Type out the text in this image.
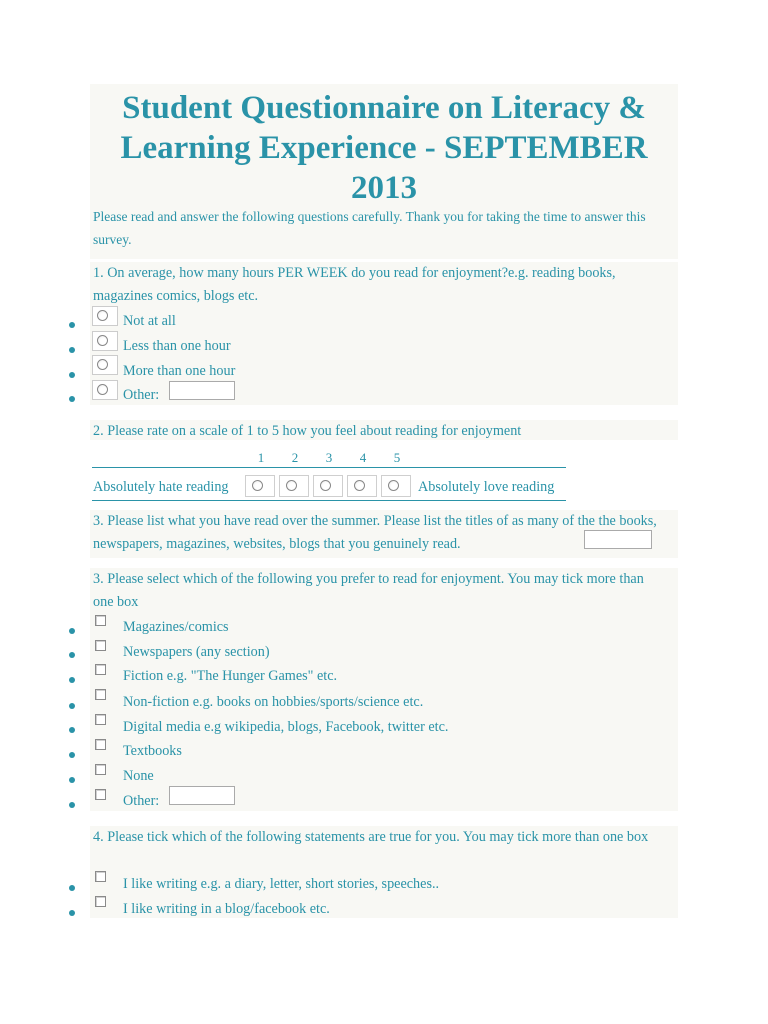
Student Questionnaire on Literacy & Learning Experience - SEPTEMBER 2013
Please read and answer the following questions carefully. Thank you for taking the time to answer this survey.
1. On average, how many hours PER WEEK do you read for enjoyment?e.g. reading books, magazines comics, blogs etc.
Not at all
Less than one hour
More than one hour
Other:
2. Please rate on a scale of 1 to 5 how you feel about reading for enjoyment
1	2	3	4	5
Absolutely hate reading	Absolutely love reading
3. Please list what you have read over the summer. Please list the titles of as many of the the books, newspapers, magazines, websites, blogs that you genuinely read.
3. Please select which of the following you prefer to read for enjoyment. You may tick more than one box
Magazines/comics
Newspapers (any section)
Fiction e.g. "The Hunger Games" etc.
Non-fiction e.g. books on hobbies/sports/science etc.
Digital media e.g wikipedia, blogs, Facebook, twitter etc.
Textbooks
None
Other:
4. Please tick which of the following statements are true for you. You may tick more than one box
I like writing e.g. a diary, letter, short stories, speeches..
I like writing in a blog/facebook etc.
